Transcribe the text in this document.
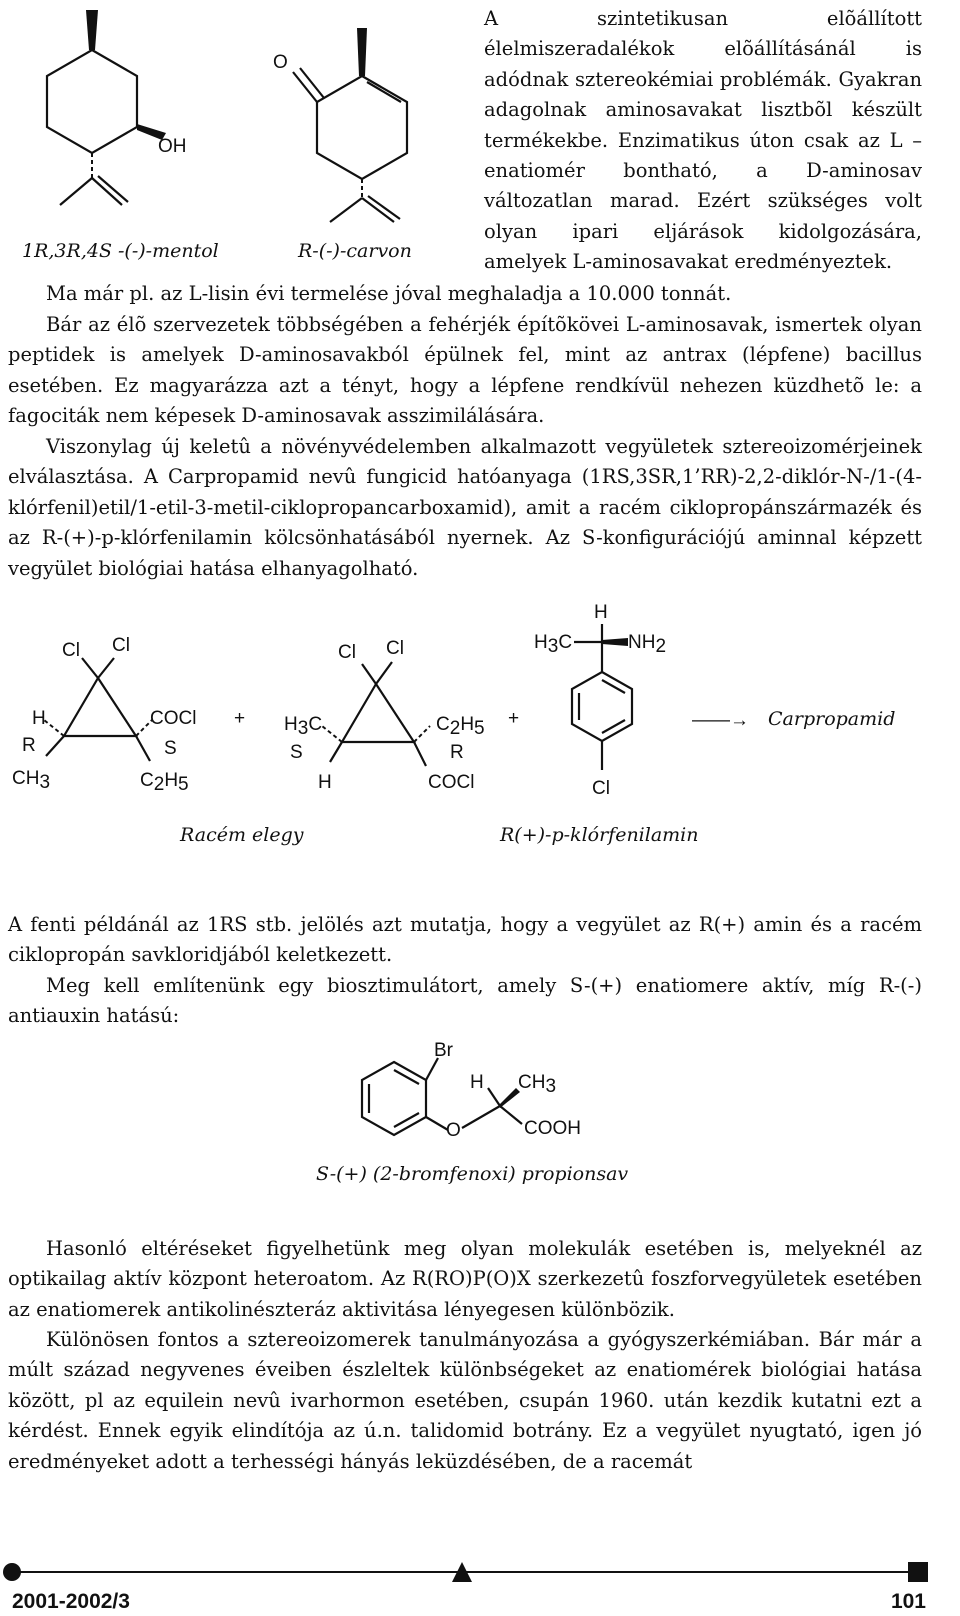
OH
O
1R,3R,4S -(-)-mentol	R-(-)-carvon

A szintetikusan elõállított élelmiszeradalékok elõállításánál is adódnak sztereokémiai problémák. Gyakran adagolnak aminosavakat lisztbõl készült termékekbe. Enzimatikus úton csak az L – enatiomér bontható, a D-aminosav változatlan marad. Ezért szükséges volt olyan ipari eljárások kidolgozására, amelyek L-aminosavakat eredményeztek.

Ma már pl. az L-lisin évi termelése jóval meghaladja a 10.000 tonnát.

Bár az élõ szervezetek többségében a fehérjék építõkövei L-aminosavak, ismertek olyan peptidek is amelyek D-aminosavakból épülnek fel, mint az antrax (lépfene) bacillus esetében. Ez magyarázza azt a tényt, hogy a lépfene rendkívül nehezen küzdhetõ le: a fagociták nem képesek D-aminosavak asszimilálására.

Viszonylag új keletû a növényvédelemben alkalmazott vegyületek sztereoizomérjeinek elválasztása. A Carpropamid nevû fungicid hatóanyaga (1RS,3SR,1’RR)-2,2-diklór-N-/1-(4-klórfenil)etil/1-etil-3-metil-ciklopropancarboxamid), amit a racém ciklopropánszármazék és az R-(+)-p-klórfenilamin kölcsönhatásából nyernek. Az S-konfigurációjú aminnal képzett vegyület biológiai hatása elhanyagolható.

Cl Cl
H
R
CH3
COCl
S
C2H5
+
Cl Cl
H3C
S
H
C2H5
R
COCl
+
H
H3C	NH2
Cl
——→ Carpropamid
Racém elegy	R(+)-p-klórfenilamin

A fenti példánál az 1RS stb. jelölés azt mutatja, hogy a vegyület az R(+) amin és a racém ciklopropán savkloridjából keletkezett.

Meg kell említenünk egy biosztimulátort, amely S-(+) enatiomere aktív, míg R-(-) antiauxin hatású:

Br
H CH3
O	COOH
S-(+) (2-bromfenoxi) propionsav

Hasonló eltéréseket figyelhetünk meg olyan molekulák esetében is, melyeknél az optikailag aktív központ heteroatom. Az R(RO)P(O)X szerkezetû foszforvegyületek esetében az enatiomerek antikolinészteráz aktivitása lényegesen különbözik.

Különösen fontos a sztereoizomerek tanulmányozása a gyógyszerkémiában. Bár már a múlt század negyvenes éveiben észleltek különbségeket az enatiomérek biológiai hatása között, pl az equilein nevû ivarhormon esetében, csupán 1960. után kezdik kutatni ezt a kérdést. Ennek egyik elindítója az ú.n. talidomid botrány. Ez a vegyület nyugtató, igen jó eredményeket adott a terhességi hányás leküzdésében, de a racemát

2001-2002/3	101
